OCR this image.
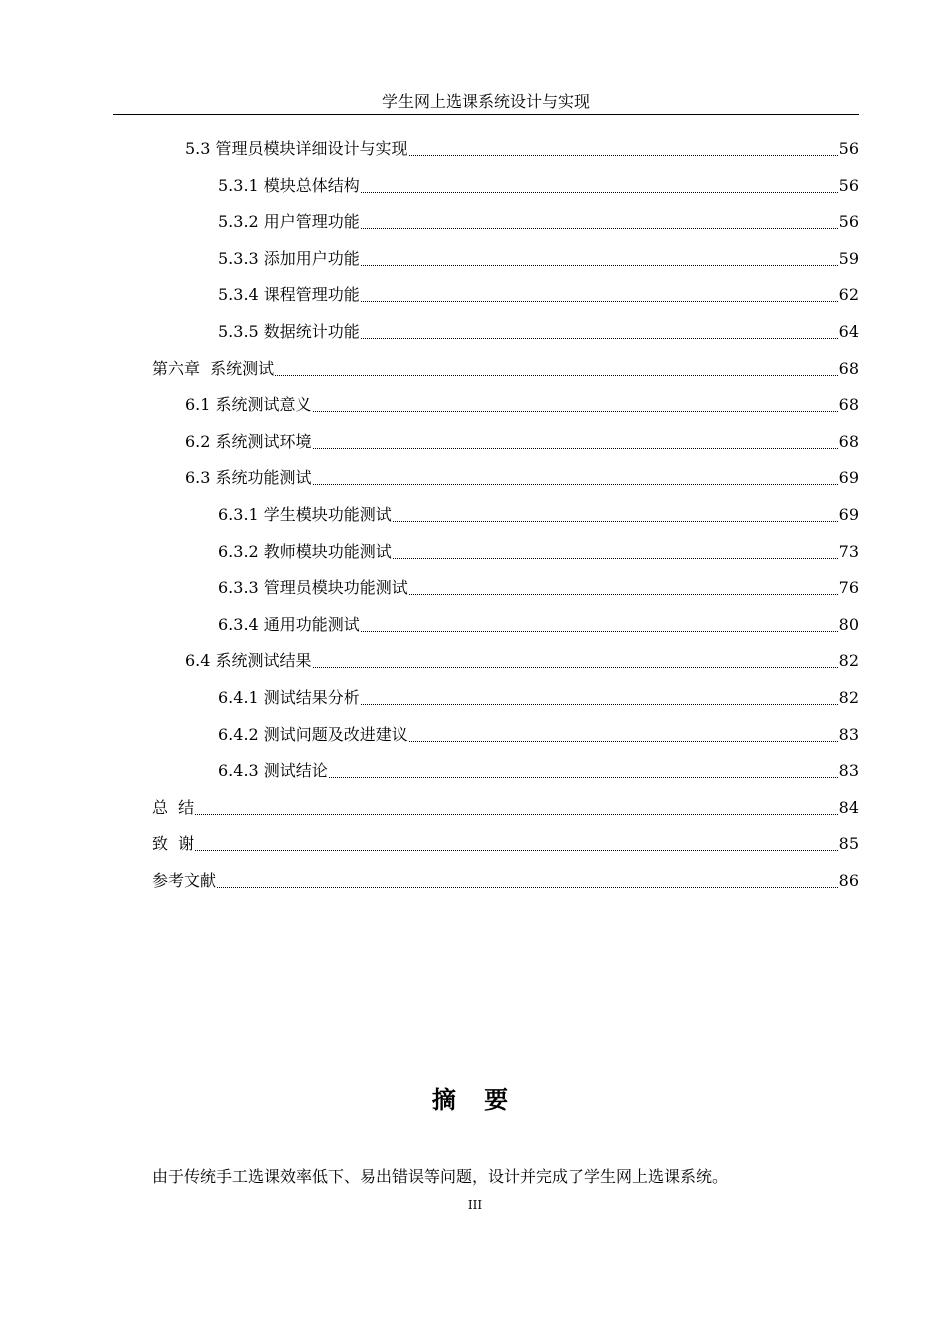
学生网上选课系统设计与实现
5.3 管理员模块详细设计与实现	56
5.3.1 模块总体结构	56
5.3.2 用户管理功能	56
5.3.3 添加用户功能	59
5.3.4 课程管理功能	62
5.3.5 数据统计功能	64
第六章  系统测试	68
6.1 系统测试意义	68
6.2 系统测试环境	68
6.3 系统功能测试	69
6.3.1 学生模块功能测试	69
6.3.2 教师模块功能测试	73
6.3.3 管理员模块功能测试	76
6.3.4 通用功能测试	80
6.4 系统测试结果	82
6.4.1 测试结果分析	82
6.4.2 测试问题及改进建议	83
6.4.3 测试结论	83
总  结	84
致  谢	85
参考文献	86
摘 要
由于传统手工选课效率低下、易出错误等问题，设计并完成了学生网上选课系统。
III
